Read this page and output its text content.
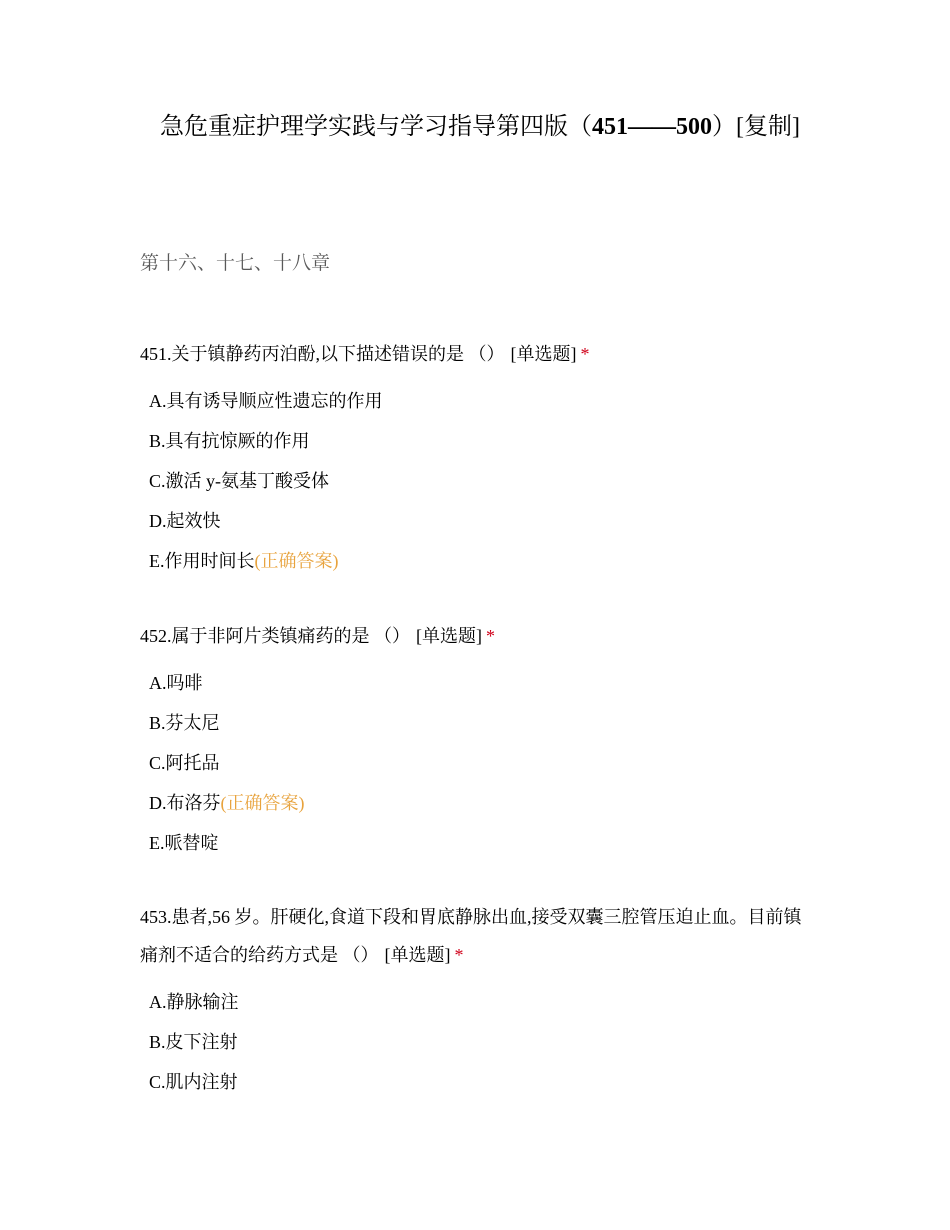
急危重症护理学实践与学习指导第四版（451——500）[复制]
第十六、十七、十八章

451.关于镇静药丙泊酚,以下描述错误的是 （） [单选题] *

A.具有诱导顺应性遗忘的作用
B.具有抗惊厥的作用
C.激活 y-氨基丁酸受体
D.起效快
E.作用时间长(正确答案)

452.属于非阿片类镇痛药的是 （） [单选题] *

A.吗啡
B.芬太尼
C.阿托品
D.布洛芬(正确答案)
E.哌替啶

453.患者,56 岁。肝硬化,食道下段和胃底静脉出血,接受双囊三腔管压迫止血。目前镇痛剂不适合的给药方式是 （） [单选题] *

A.静脉输注
B.皮下注射
C.肌内注射
